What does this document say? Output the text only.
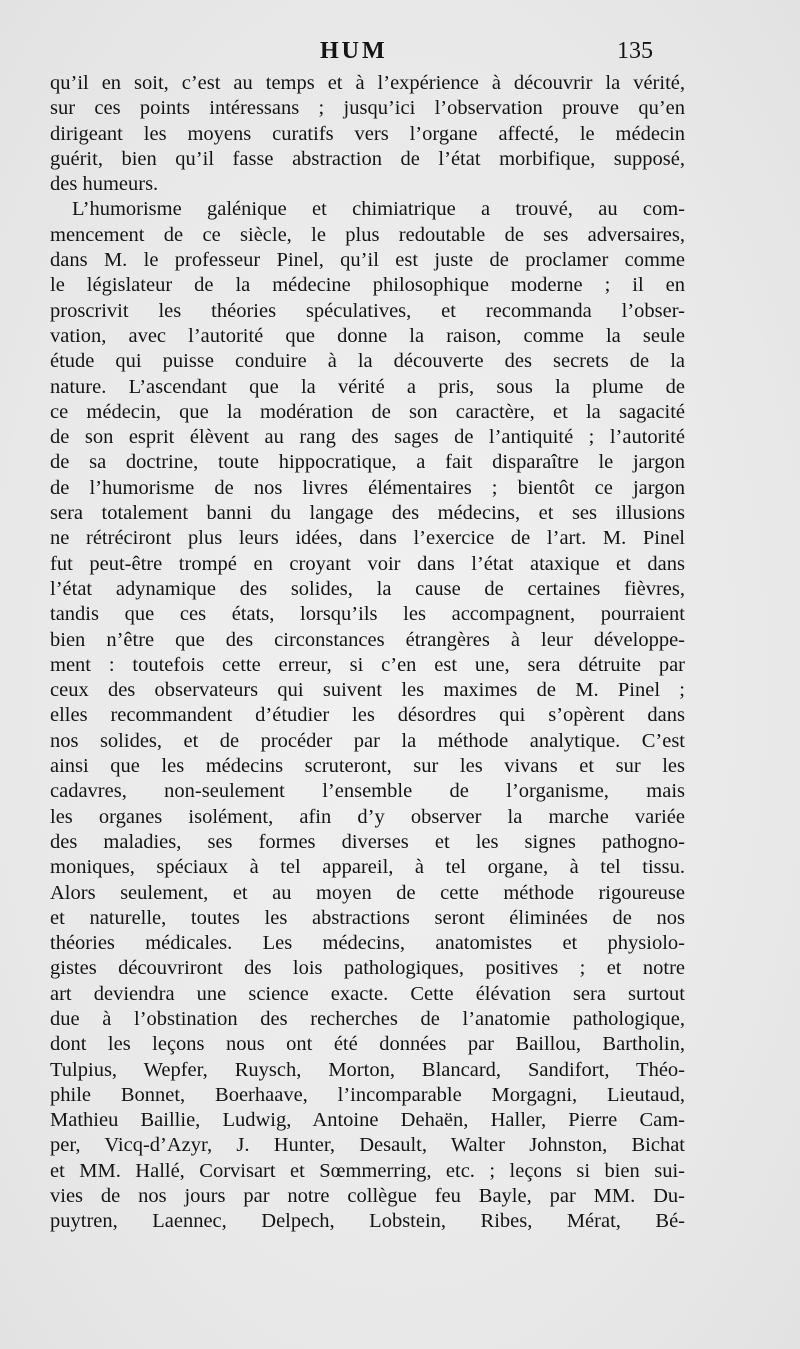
HUM	135
qu’il en soit, c’est au temps et à l’expérience à découvrir la vérité,
sur ces points intéressans ; jusqu’ici l’observation prouve qu’en
dirigeant les moyens curatifs vers l’organe affecté, le médecin
guérit, bien qu’il fasse abstraction de l’état morbifique, supposé,
des humeurs.
L’humorisme galénique et chimiatrique a trouvé, au com-
mencement de ce siècle, le plus redoutable de ses adversaires,
dans M. le professeur Pinel, qu’il est juste de proclamer comme
le législateur de la médecine philosophique moderne ; il en
proscrivit les théories spéculatives, et recommanda l’obser-
vation, avec l’autorité que donne la raison, comme la seule
étude qui puisse conduire à la découverte des secrets de la
nature. L’ascendant que la vérité a pris, sous la plume de
ce médecin, que la modération de son caractère, et la sagacité
de son esprit élèvent au rang des sages de l’antiquité ; l’autorité
de sa doctrine, toute hippocratique, a fait disparaître le jargon
de l’humorisme de nos livres élémentaires ; bientôt ce jargon
sera totalement banni du langage des médecins, et ses illusions
ne rétréciront plus leurs idées, dans l’exercice de l’art. M. Pinel
fut peut-être trompé en croyant voir dans l’état ataxique et dans
l’état adynamique des solides, la cause de certaines fièvres,
tandis que ces états, lorsqu’ils les accompagnent, pourraient
bien n’être que des circonstances étrangères à leur développe-
ment : toutefois cette erreur, si c’en est une, sera détruite par
ceux des observateurs qui suivent les maximes de M. Pinel ;
elles recommandent d’étudier les désordres qui s’opèrent dans
nos solides, et de procéder par la méthode analytique. C’est
ainsi que les médecins scruteront, sur les vivans et sur les
cadavres, non-seulement l’ensemble de l’organisme, mais
les organes isolément, afin d’y observer la marche variée
des maladies, ses formes diverses et les signes pathogno-
moniques, spéciaux à tel appareil, à tel organe, à tel tissu.
Alors seulement, et au moyen de cette méthode rigoureuse
et naturelle, toutes les abstractions seront éliminées de nos
théories médicales. Les médecins, anatomistes et physiolo-
gistes découvriront des lois pathologiques, positives ; et notre
art deviendra une science exacte. Cette élévation sera surtout
due à l’obstination des recherches de l’anatomie pathologique,
dont les leçons nous ont été données par Baillou, Bartholin,
Tulpius, Wepfer, Ruysch, Morton, Blancard, Sandifort, Théo-
phile Bonnet, Boerhaave, l’incomparable Morgagni, Lieutaud,
Mathieu Baillie, Ludwig, Antoine Dehaën, Haller, Pierre Cam-
per, Vicq-d’Azyr, J. Hunter, Desault, Walter Johnston, Bichat
et MM. Hallé, Corvisart et Sœmmerring, etc. ; leçons si bien sui-
vies de nos jours par notre collègue feu Bayle, par MM. Du-
puytren, Laennec, Delpech, Lobstein, Ribes, Mérat, Bé-
